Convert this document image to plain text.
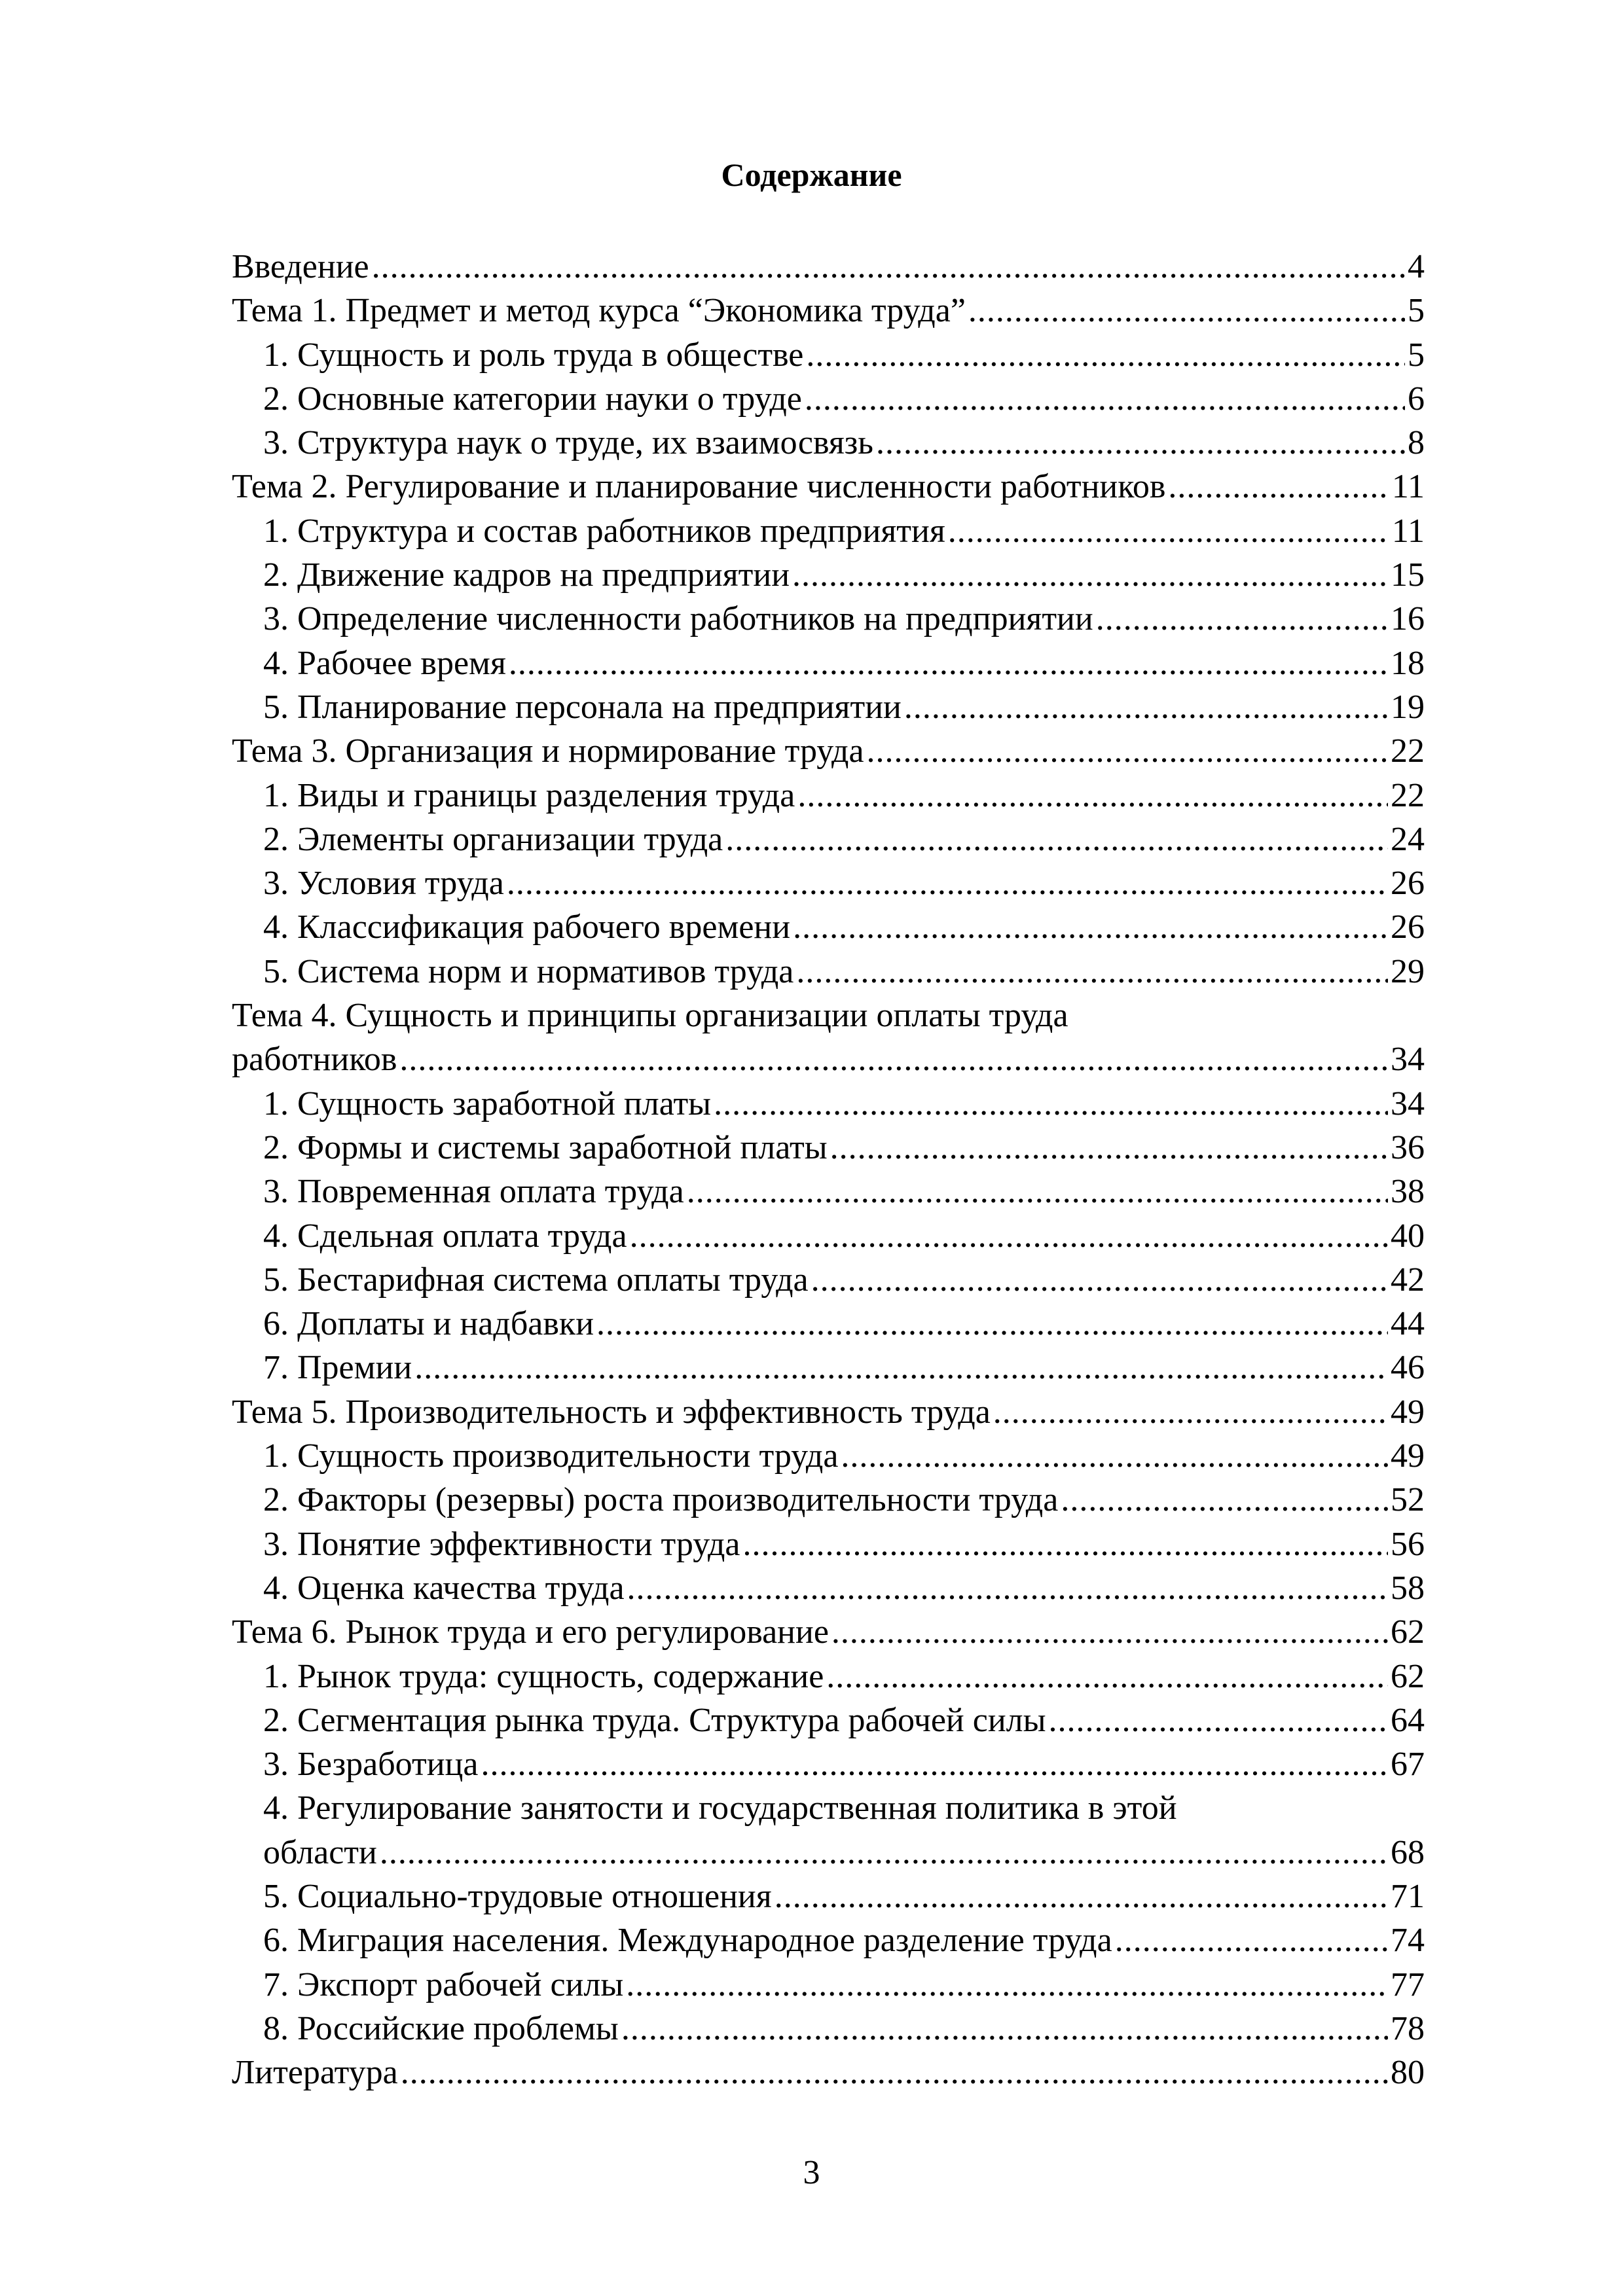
Содержание
Введение .....	4
Тема 1. Предмет и метод курса “Экономика труда” .....	5
1. Сущность и роль труда в обществе .....	5
2. Основные категории науки о труде .....	6
3. Структура наук о труде, их взаимосвязь .....	8
Тема 2. Регулирование и планирование численности работников .....	11
1. Структура и состав работников предприятия .....	11
2. Движение кадров на предприятии .....	15
3. Определение численности работников на предприятии .....	16
4. Рабочее время .....	18
5. Планирование персонала на предприятии .....	19
Тема 3. Организация и нормирование труда .....	22
1. Виды и границы разделения труда .....	22
2. Элементы организации труда .....	24
3. Условия труда .....	26
4. Классификация рабочего времени .....	26
5. Система норм и нормативов труда .....	29
Тема 4. Сущность и принципы организации оплаты труда
работников .....	34
1. Сущность заработной платы .....	34
2. Формы и системы заработной платы .....	36
3. Повременная оплата труда .....	38
4. Сдельная оплата труда .....	40
5. Бестарифная система оплаты труда .....	42
6. Доплаты и надбавки .....	44
7. Премии .....	46
Тема 5. Производительность и эффективность труда .....	49
1. Сущность производительности труда .....	49
2. Факторы (резервы) роста производительности труда .....	52
3. Понятие эффективности труда .....	56
4. Оценка качества труда .....	58
Тема 6. Рынок труда и его регулирование .....	62
1. Рынок труда: сущность, содержание .....	62
2. Сегментация рынка труда. Структура рабочей силы .....	64
3. Безработица .....	67
4. Регулирование занятости и государственная политика в этой
области .....	68
5. Социально-трудовые отношения .....	71
6. Миграция населения. Международное разделение труда .....	74
7. Экспорт рабочей силы .....	77
8. Российские проблемы .....	78
Литература .....	80
3
